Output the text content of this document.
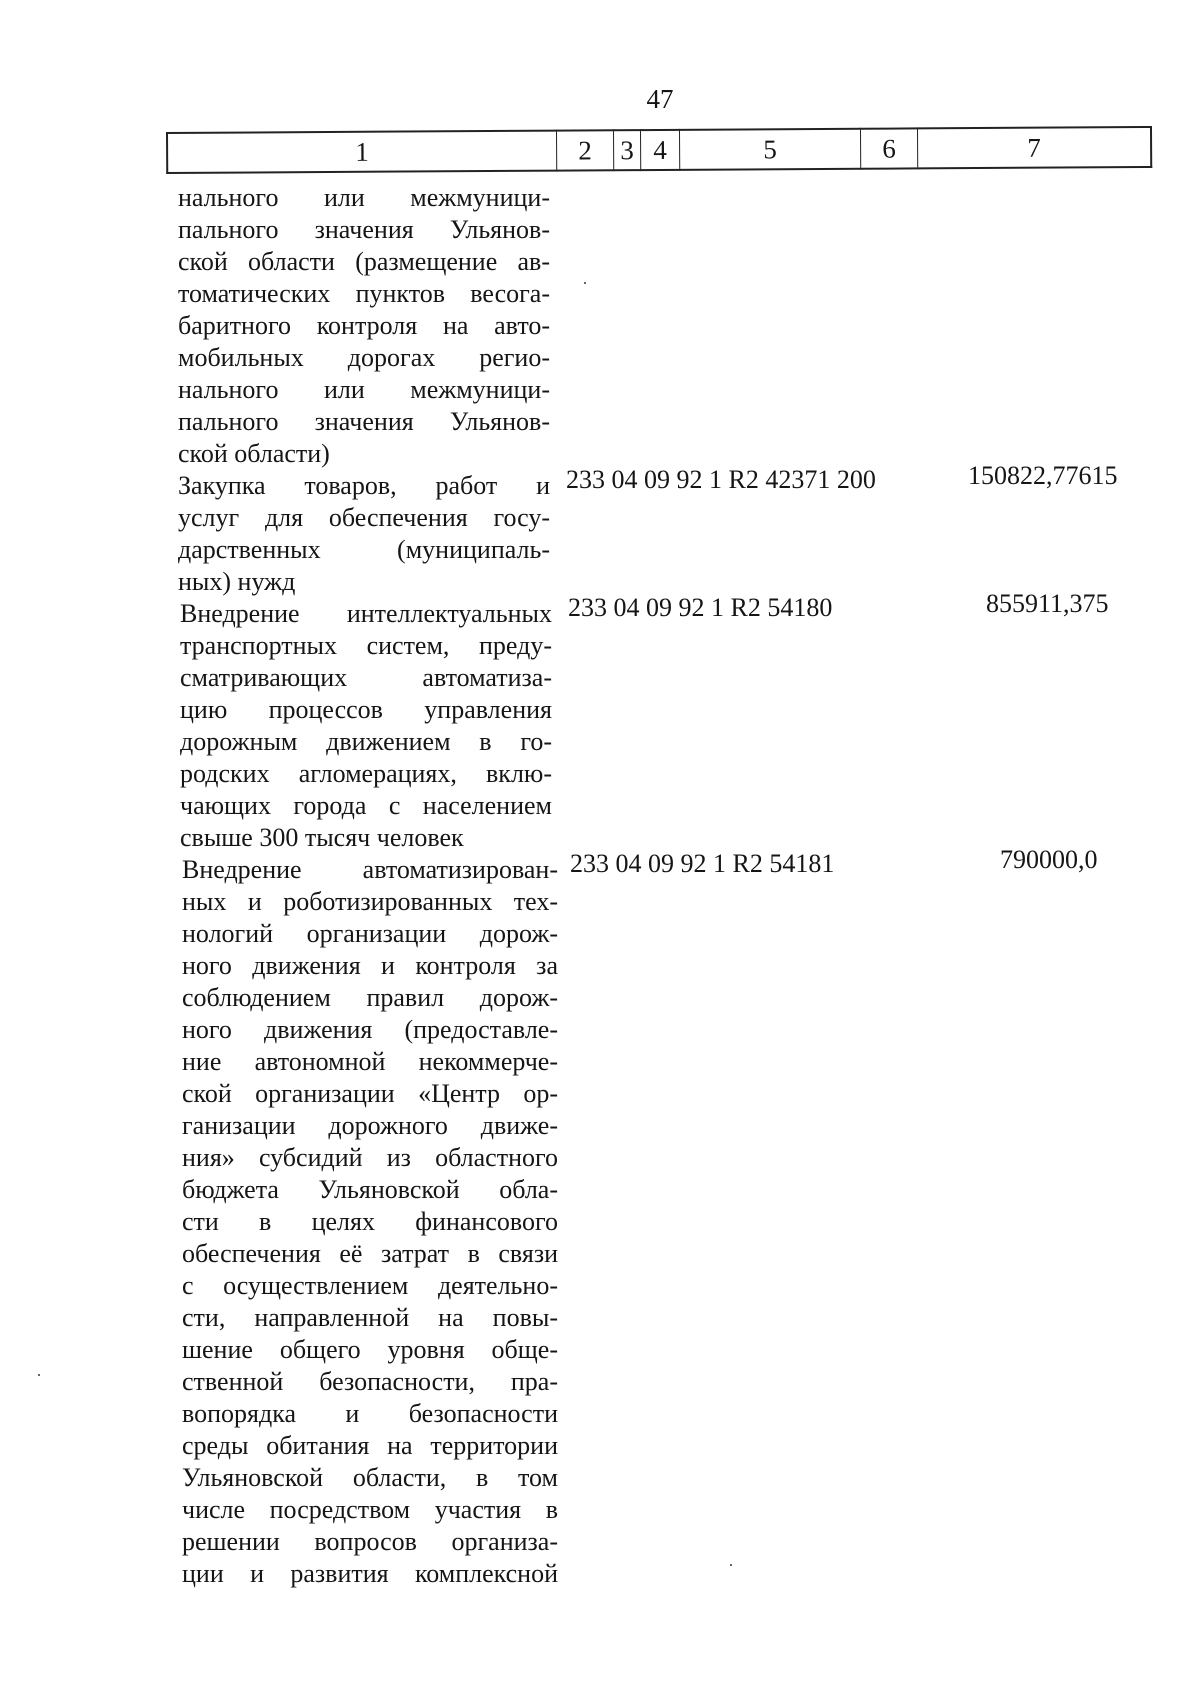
47
1	2	3	4	5	6	7
нального или межмуници-
пального значения Ульянов-
ской области (размещение ав-
томатических пунктов весога-
баритного контроля на авто-
мобильных дорогах регио-
нального или межмуници-
пального значения Ульянов-
ской области)
Закупка товаров, работ и
услуг для обеспечения госу-
дарственных (муниципаль-
ных) нужд
233 04 09 92 1 R2 42371 200	150822,77615
Внедрение интеллектуальных
транспортных систем, преду-
сматривающих автоматиза-
цию процессов управления
дорожным движением в го-
родских агломерациях, вклю-
чающих города с населением
свыше 300 тысяч человек
233 04 09 92 1 R2 54180	855911,375
Внедрение автоматизирован-
ных и роботизированных тех-
нологий организации дорож-
ного движения и контроля за
соблюдением правил дорож-
ного движения (предоставле-
ние автономной некоммерче-
ской организации «Центр ор-
ганизации дорожного движе-
ния» субсидий из областного
бюджета Ульяновской обла-
сти в целях финансового
обеспечения её затрат в связи
с осуществлением деятельно-
сти, направленной на повы-
шение общего уровня обще-
ственной безопасности, пра-
вопорядка и безопасности
среды обитания на территории
Ульяновской области, в том
числе посредством участия в
решении вопросов организа-
ции и развития комплексной
233 04 09 92 1 R2 54181	790000,0
